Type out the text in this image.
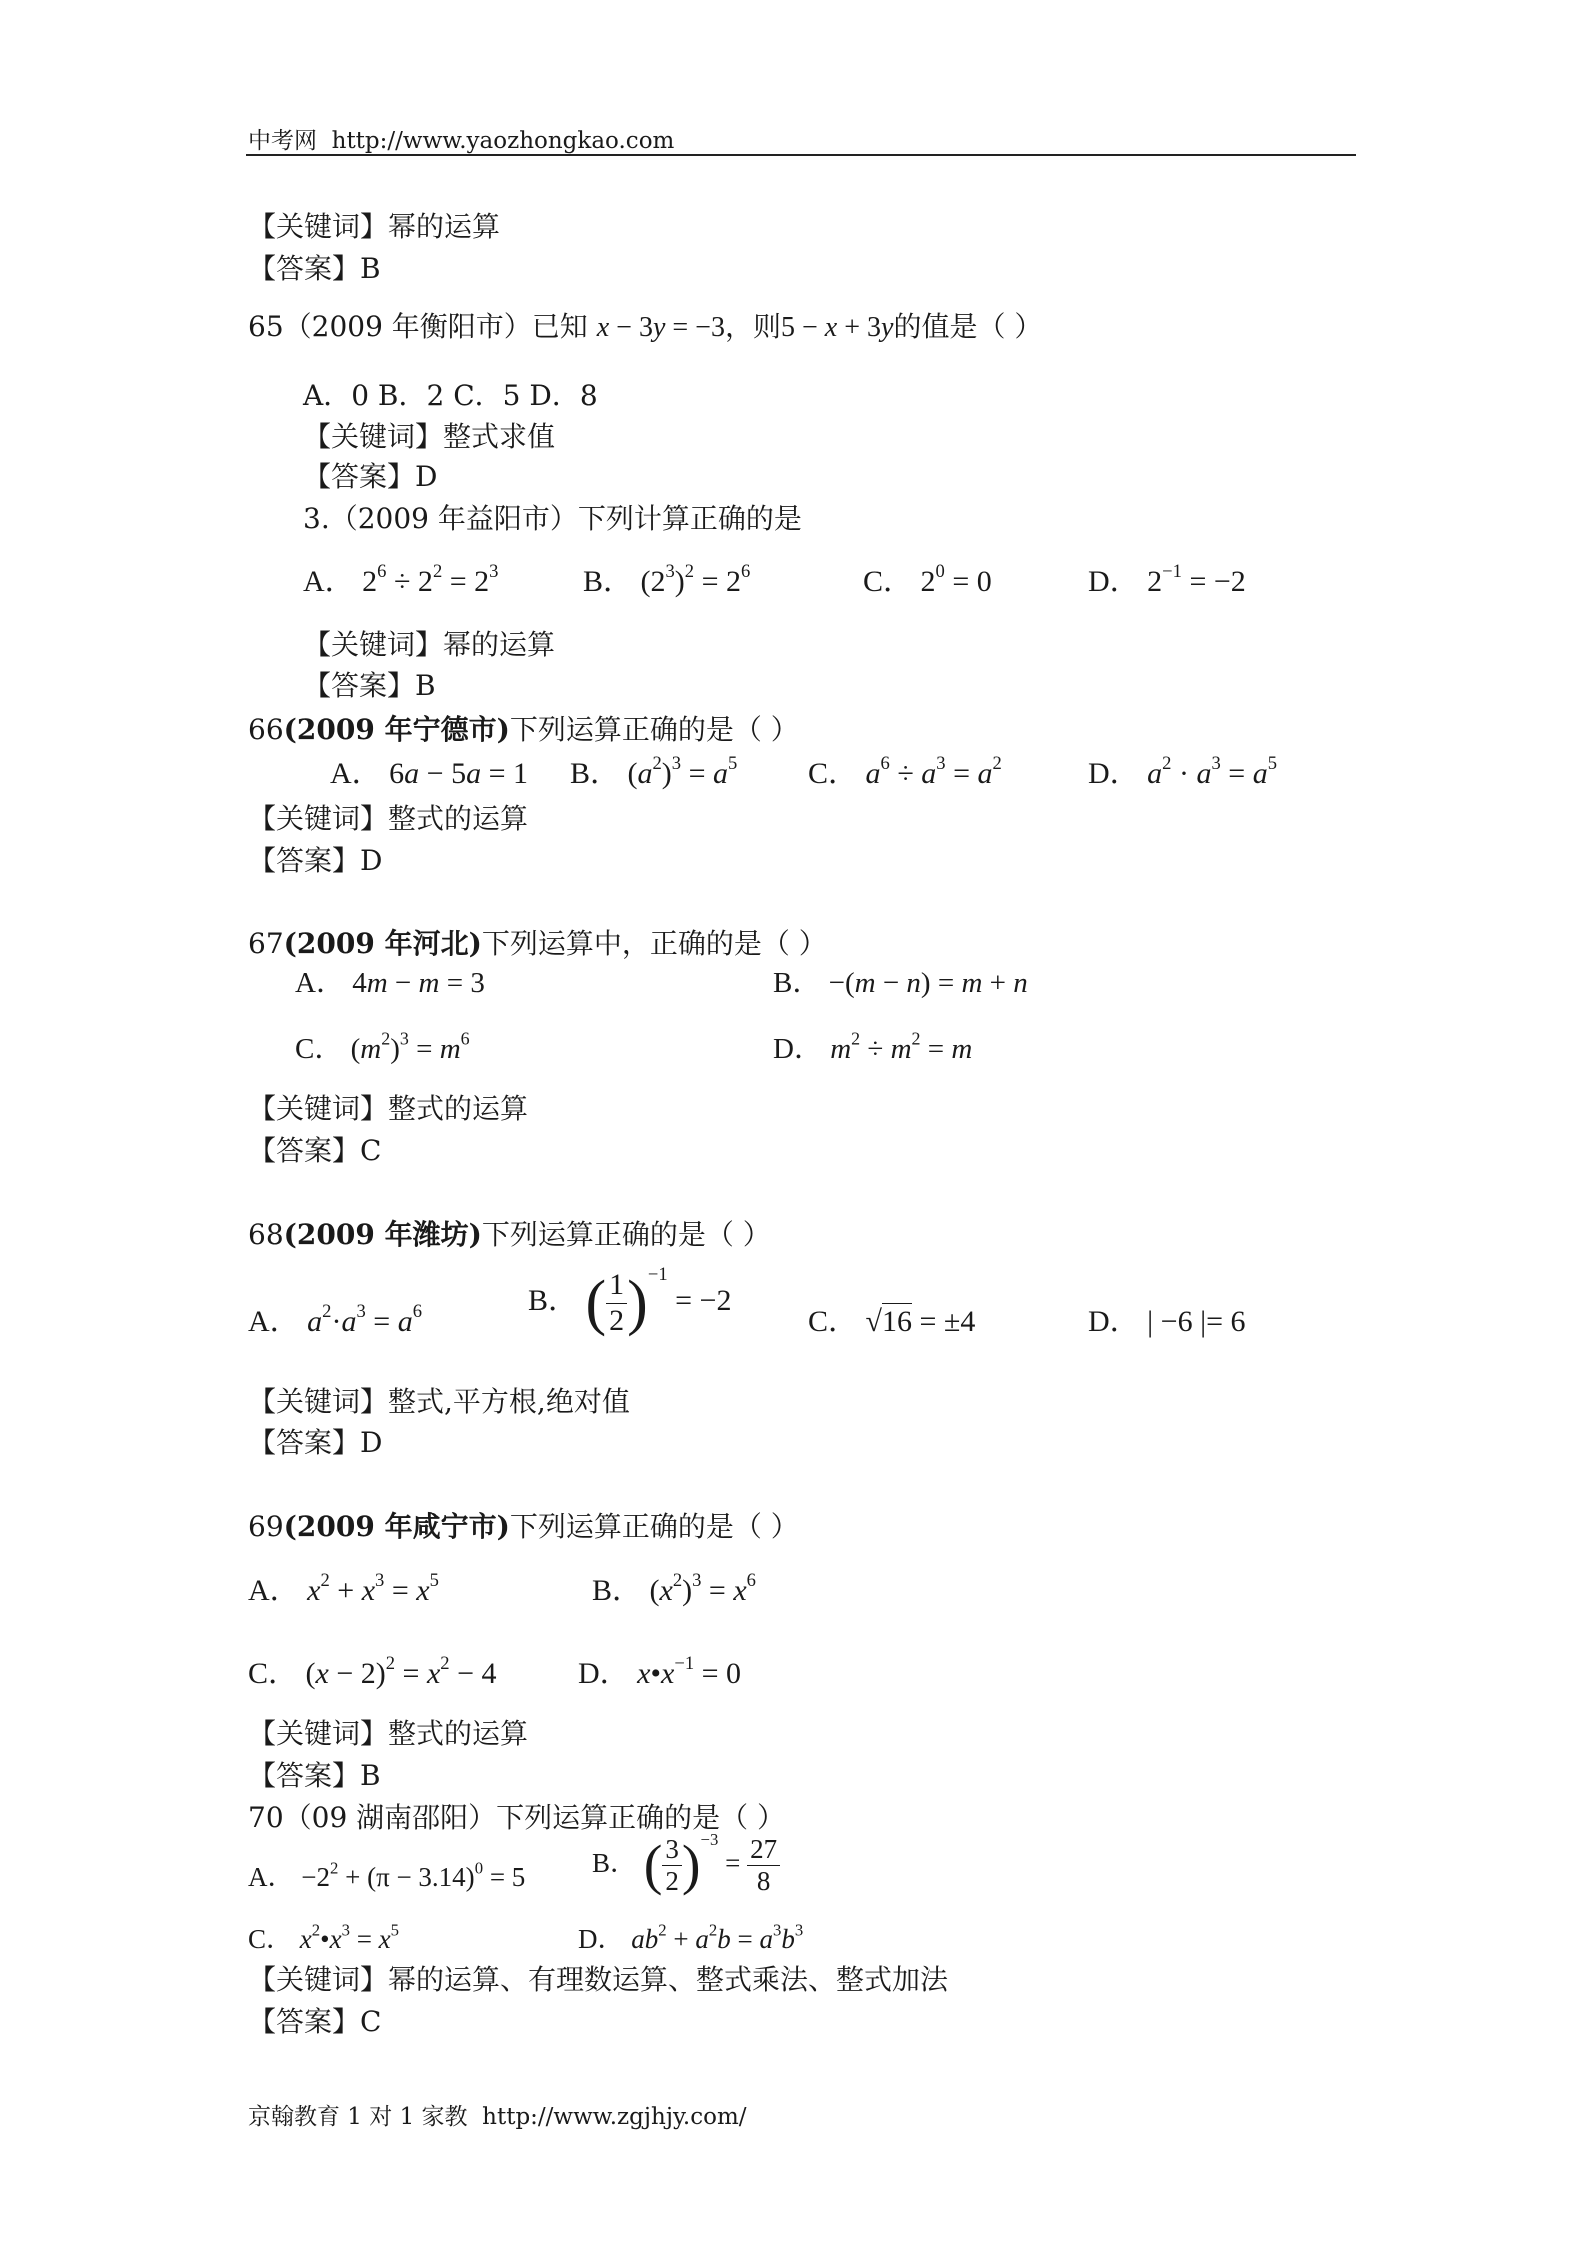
中考网 http://www.yaozhongkao.com
【关键词】幂的运算
【答案】B
65（2009 年衡阳市）已知 x − 3y = −3，则5 − x + 3y的值是（ ）
A．0 B．2 C．5 D．8
【关键词】整式求值
【答案】D
3.（2009 年益阳市）下列计算正确的是
A． $2^6 \div 2^2 = 2^3$	B． $(2^3)^2 = 2^6$	C． $2^0 = 0$	D． $2^{-1} = -2$
【关键词】幂的运算
【答案】B
66(2009 年宁德市)下列运算正确的是（ ）
A． 6a − 5a = 1 B． $(a^2)^3 = a^5$ C． $a^6 \div a^3 = a^2$	D． $a^2 \cdot a^3 = a^5$
【关键词】整式的运算
【答案】D
67(2009 年河北)下列运算中，正确的是（ ）
A． 4m − m = 3	B． −(m − n) = m + n
C． $(m^2)^3 = m^6$	D． $m^2 \div m^2 = m$
【关键词】整式的运算
【答案】C
68(2009 年潍坊)下列运算正确的是（ ）
A． $a^2\cdot a^3 = a^6$	B． ( $\frac{1}{2} )^{-1} = -2$
C． √16 = ±4	D． | −6 |= 6
【关键词】整式,平方根,绝对值
【答案】D
69(2009 年咸宁市)下列运算正确的是（ ）
A． $x^2 + x^3 = x^5$	B． $(x^2)^3 = x^6$
C． $(x - 2)^2 = x^2 - 4$	D． $x•x^{-1} = 0$
【关键词】整式的运算
【答案】B
70（09 湖南邵阳）下列运算正确的是（ ）
A． $-2^2 + (\pi - 3.14)^0 = 5$ B． ( $\frac{3}{2} )^{-3} = \frac{27}{8}$
C． $x^2•x^3 = x^5$	D． $ab^2 + a^2b = a^3b^3$
【关键词】幂的运算、有理数运算、整式乘法、整式加法
【答案】C
京翰教育 1 对 1 家教 http://www.zgjhjy.com/
